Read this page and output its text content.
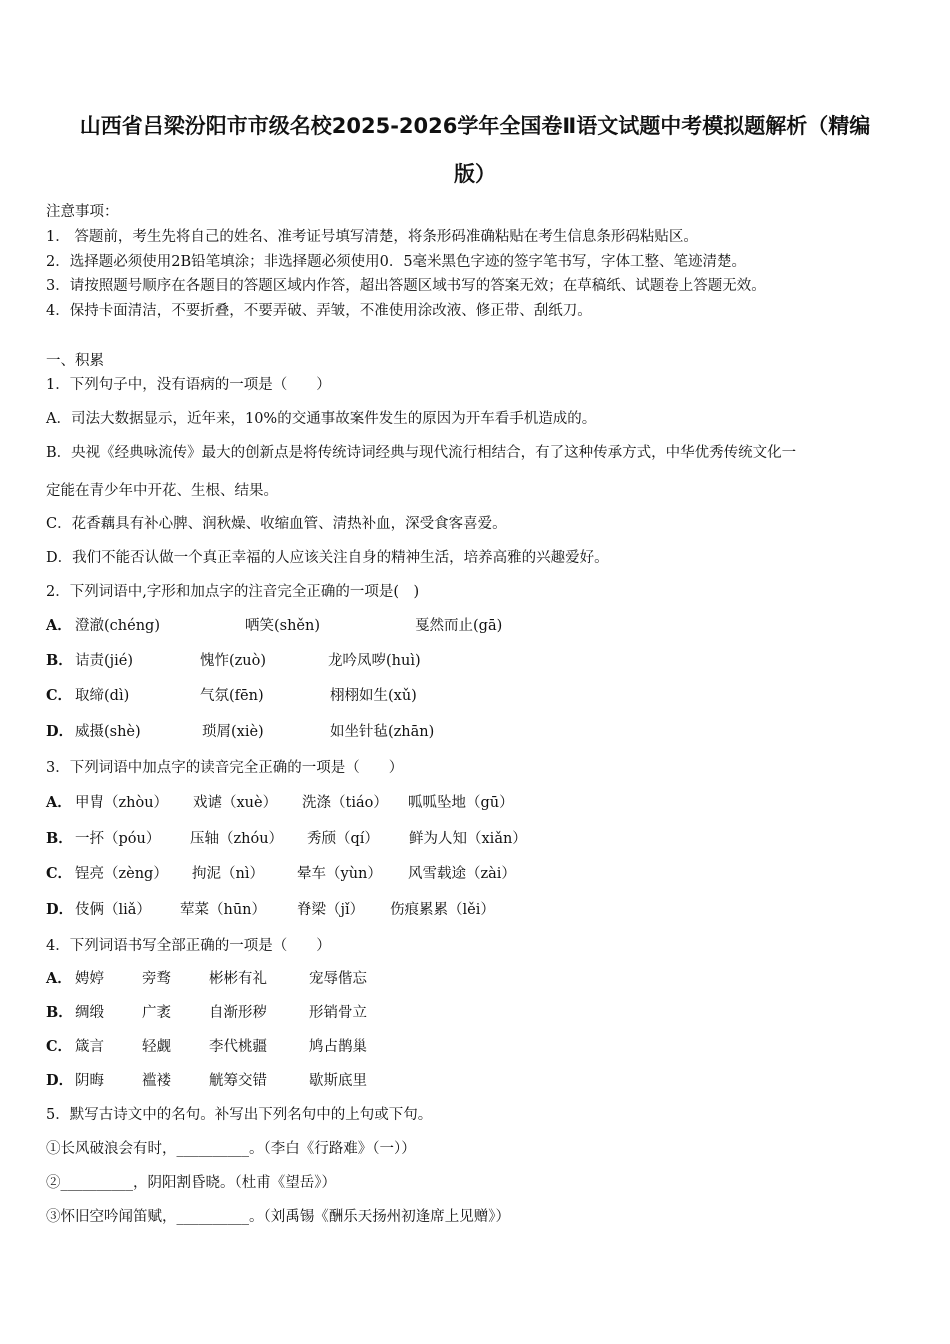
山西省吕梁汾阳市市级名校2025-2026学年全国卷Ⅱ语文试题中考模拟题解析（精编
版）
注意事项：
1． 答题前，考生先将自己的姓名、准考证号填写清楚，将条形码准确粘贴在考生信息条形码粘贴区。
2．选择题必须使用2B铅笔填涂；非选择题必须使用0．5毫米黑色字迹的签字笔书写，字体工整、笔迹清楚。
3．请按照题号顺序在各题目的答题区域内作答，超出答题区域书写的答案无效；在草稿纸、试题卷上答题无效。
4．保持卡面清洁，不要折叠，不要弄破、弄皱，不准使用涂改液、修正带、刮纸刀。
一、积累
1．下列句子中，没有语病的一项是（　　）
A．司法大数据显示，近年来，10%的交通事故案件发生的原因为开车看手机造成的。
B．央视《经典咏流传》最大的创新点是将传统诗词经典与现代流行相结合，有了这种传承方式，中华优秀传统文化一
定能在青少年中开花、生根、结果。
C．花香藕具有补心脾、润秋燥、收缩血管、清热补血，深受食客喜爱。
D．我们不能否认做一个真正幸福的人应该关注自身的精神生活，培养高雅的兴趣爱好。
2．下列词语中,字形和加点字的注音完全正确的一项是(　)
A． 澄澈(chéng)	哂笑(shěn)	戛然而止(gā)
B． 诘责(jié)	愧怍(zuò)	龙吟凤哕(huì)
C． 取缔(dì)	气氛(fēn)	栩栩如生(xǔ)
D． 威摄(shè)	琐屑(xiè)	如坐针毡(zhān)
3．下列词语中加点字的读音完全正确的一项是（　　）
A． 甲胄（zhòu） 戏谑（xuè） 洗涤（tiáo） 呱呱坠地（gū）
B． 一抔（póu） 压轴（zhóu） 秀颀（qí） 鲜为人知（xiǎn）
C． 锃亮（zèng） 拘泥（nì） 晕车（yùn） 风雪载途（zài）
D． 伎俩（liǎ） 荤菜（hūn） 脊梁（jǐ） 伤痕累累（lěi）
4．下列词语书写全部正确的一项是（　　）
A． 娉婷	旁骛	彬彬有礼	宠辱偕忘
B． 绸缎	广袤	自渐形秽	形销骨立
C． 箴言	轻觑	李代桃疆	鸠占鹊巢
D． 阴晦	褴褛	觥筹交错	歇斯底里
5．默写古诗文中的名句。补写出下列名句中的上句或下句。
①长风破浪会有时，__________。（李白《行路难》（一））
②__________，阴阳割昏晓。（杜甫《望岳》）
③怀旧空吟闻笛赋，__________。（刘禹锡《酬乐天扬州初逢席上见赠》）
